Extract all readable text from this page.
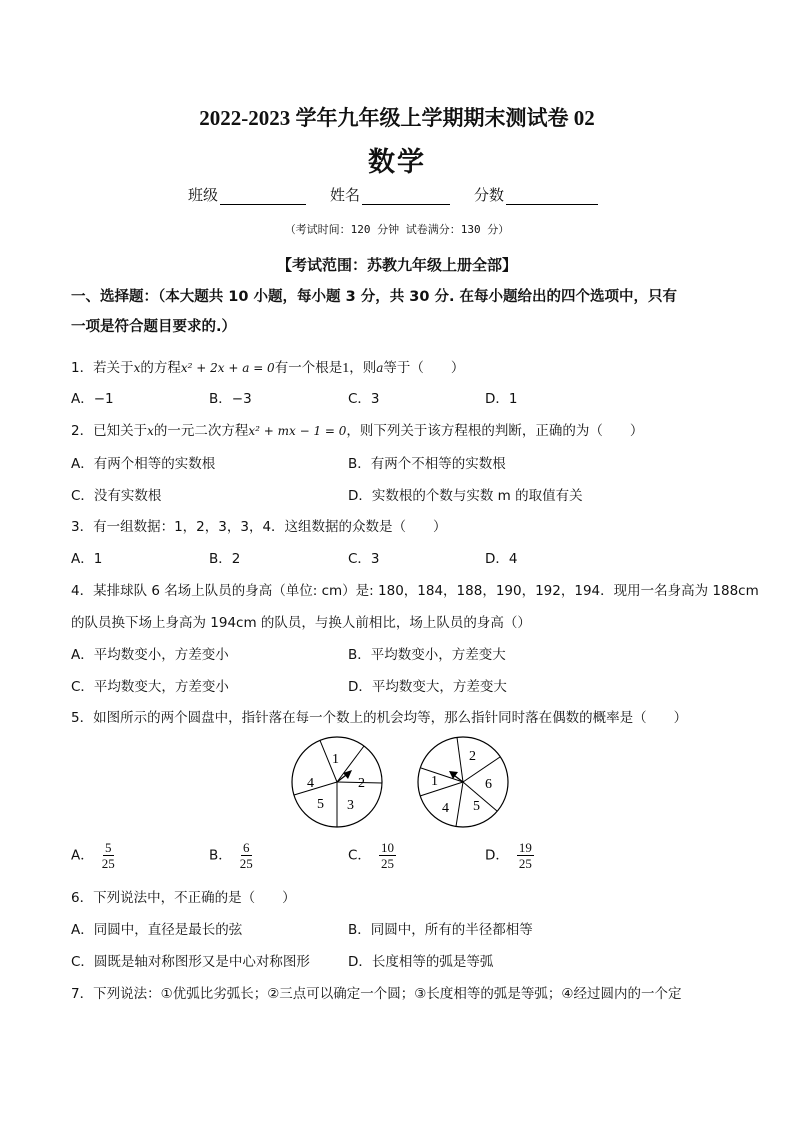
2022-2023 学年九年级上学期期末测试卷 02
数学
班级	姓名	分数
（考试时间：120 分钟 试卷满分：130 分）
【考试范围：苏教九年级上册全部】
一、选择题：（本大题共 10 小题，每小题 3 分，共 30 分. 在每小题给出的四个选项中，只有
一项是符合题目要求的.）
1．若关于x的方程x² + 2x + a = 0有一个根是1，则a等于（　　）
A．−1	B．−3	C．3	D．1
2．已知关于x的一元二次方程x² + mx − 1 = 0，则下列关于该方程根的判断，正确的为（　　）
A．有两个相等的实数根	B．有两个不相等的实数根
C．没有实数根	D．实数根的个数与实数 m 的取值有关
3．有一组数据：1，2，3，3，4．这组数据的众数是（　　）
A．1	B．2	C．3	D．4
4．某排球队 6 名场上队员的身高（单位: cm）是: 180，184，188，190，192，194．现用一名身高为 188cm
的队员换下场上身高为 194cm 的队员，与换人前相比，场上队员的身高（）
A．平均数变小，方差变小	B．平均数变小，方差变大
C．平均数变大，方差变小	D．平均数变大，方差变大
5．如图所示的两个圆盘中，指针落在每一个数上的机会均等，那么指针同时落在偶数的概率是（　　）
1
2
3
5
4
2
6
5
4
1
A． $\frac{5}{25}$	B． $\frac{6}{25}$	C． $\frac{10}{25}$	D． $\frac{19}{25}$
6．下列说法中，不正确的是（　　）
A．同圆中，直径是最长的弦	B．同圆中，所有的半径都相等
C．圆既是轴对称图形又是中心对称图形	D．长度相等的弧是等弧
7．下列说法：①优弧比劣弧长；②三点可以确定一个圆；③长度相等的弧是等弧；④经过圆内的一个定
